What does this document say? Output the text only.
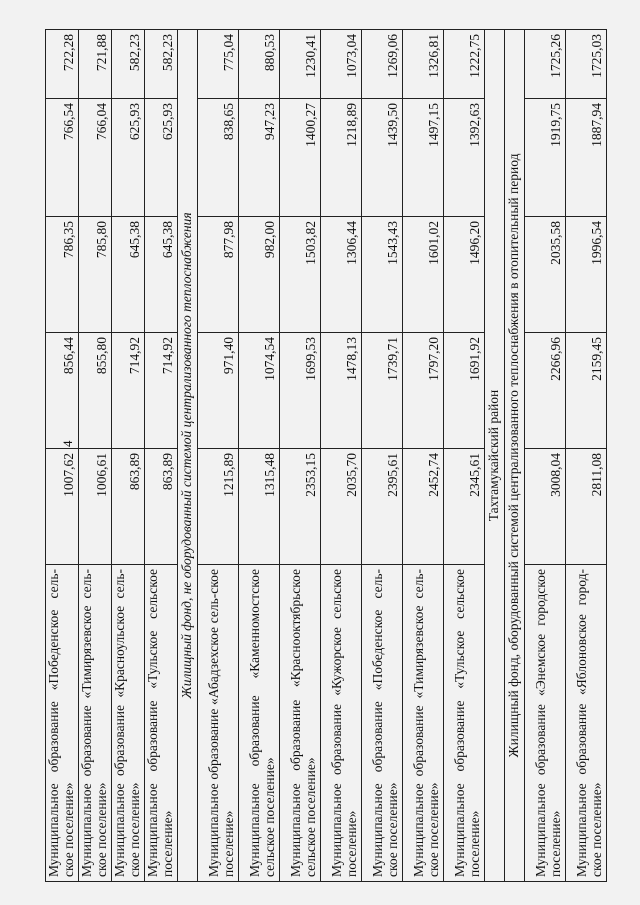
4
Муниципальное образование «Победенское сель-ское поселение»	1007,62	856,44	786,35	766,54	722,28
Муниципальное образование «Тимирязевское сель-ское поселение»	1006,61	855,80	785,80	766,04	721,88
Муниципальное образование «Красноульское сель-ское поселение»	863,89	714,92	645,38	625,93	582,23
Муниципальное образование «Тульское сельское поселение»	863,89	714,92	645,38	625,93	582,23
Жилищный фонд, не оборудованный системой централизованного теплоснабжения					
Муниципальное образование «Абадзехское сель-ское поселение»	1215,89	971,40	877,98	838,65	775,04
Муниципальное образование «Каменномостское сельское поселение»	1315,48	1074,54	982,00	947,23	880,53
Муниципальное образование «Краснооктябрьское сельское поселение»	2353,15	1699,53	1503,82	1400,27	1230,41
Муниципальное образование «Кужорское сельское поселение»	2035,70	1478,13	1306,44	1218,89	1073,04
Муниципальное образование «Победенское сель-ское поселение»	2395,61	1739,71	1543,43	1439,50	1269,06
Муниципальное образование «Тимирязевское сель-ское поселение»	2452,74	1797,20	1601,02	1497,15	1326,81
Муниципальное образование «Тульское сельское поселение»	2345,61	1691,92	1496,20	1392,63	1222,75
Тахтамукайский район					
Жилищный фонд, оборудованный системой централизованного теплоснабжения в отопительный период					
Муниципальное образование «Энемское городское поселение»	3008,04	2266,96	2035,58	1919,75	1725,26
Муниципальное образование «Яблоновское город-ское поселение»	2811,08	2159,45	1996,54	1887,94	1725,03
